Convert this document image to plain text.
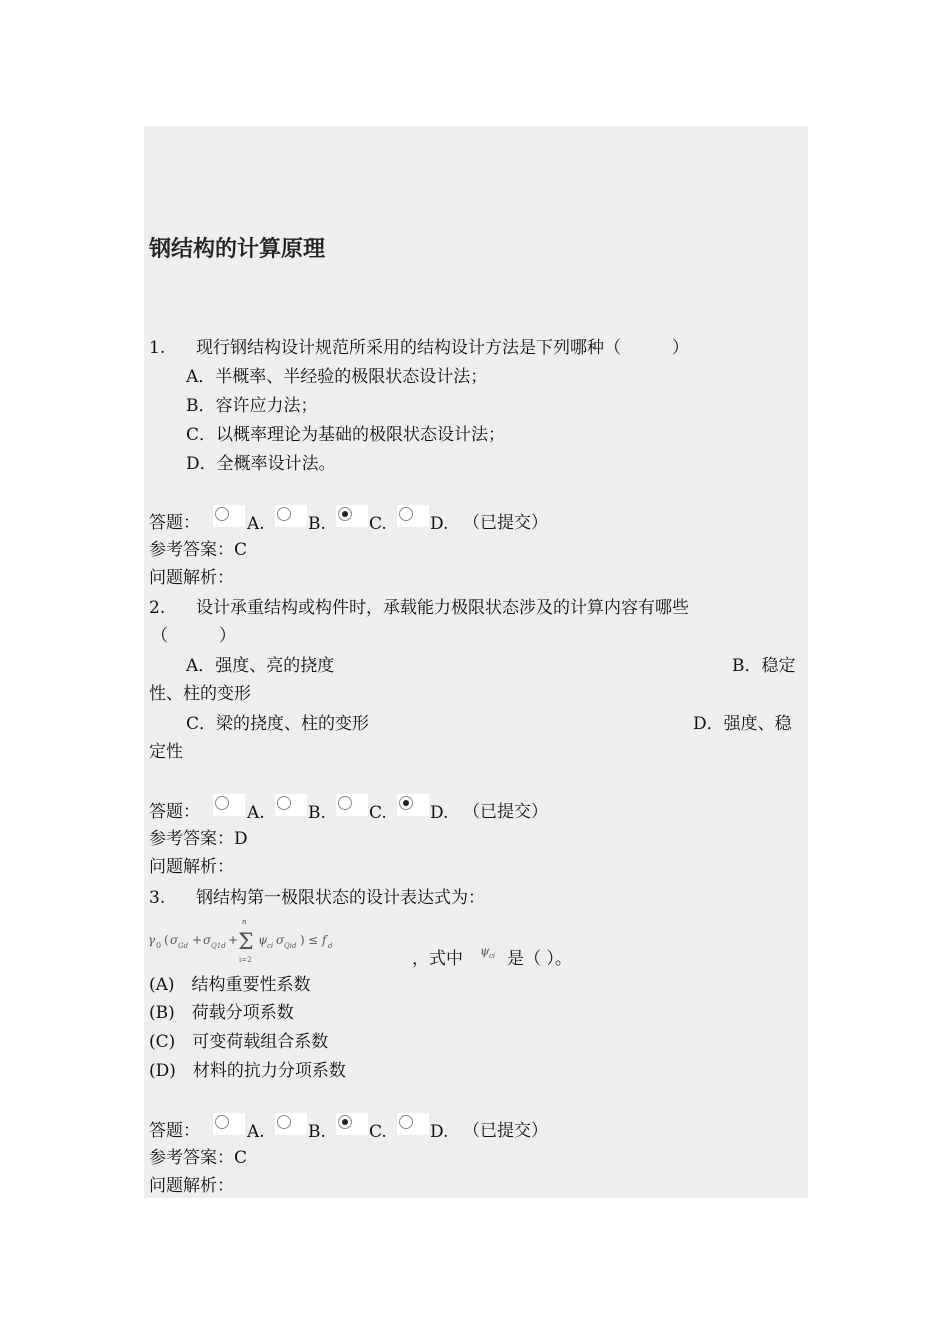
钢结构的计算原理
1. 现行钢结构设计规范所采用的结构设计方法是下列哪种（　　　）
A．半概率、半经验的极限状态设计法；
B．容许应力法；
C．以概率理论为基础的极限状态设计法；
D．全概率设计法。
答题：	A.	B.	C.	D. （已提交）
参考答案：C
问题解析：
2. 设计承重结构或构件时，承载能力极限状态涉及的计算内容有哪些
（　　　）
A．强度、亮的挠度	B．稳定
性、柱的变形
C．梁的挠度、柱的变形	D．强度、稳
定性
答题：	A.	B.	C.	D. （已提交）
参考答案：D
问题解析：
3. 钢结构第一极限状态的设计表达式为：
γ 0 ( σ Gd + σ Q1d + Σ
n
i=2
ψ ci σ Qid ) ≤ f d
，式中 ψ ci 是（ ）。
(A)　结构重要性系数
(B)　荷载分项系数
(C)　可变荷载组合系数
(D)　材料的抗力分项系数
答题：	A.	B.	C.	D. （已提交）
参考答案：C
问题解析：
